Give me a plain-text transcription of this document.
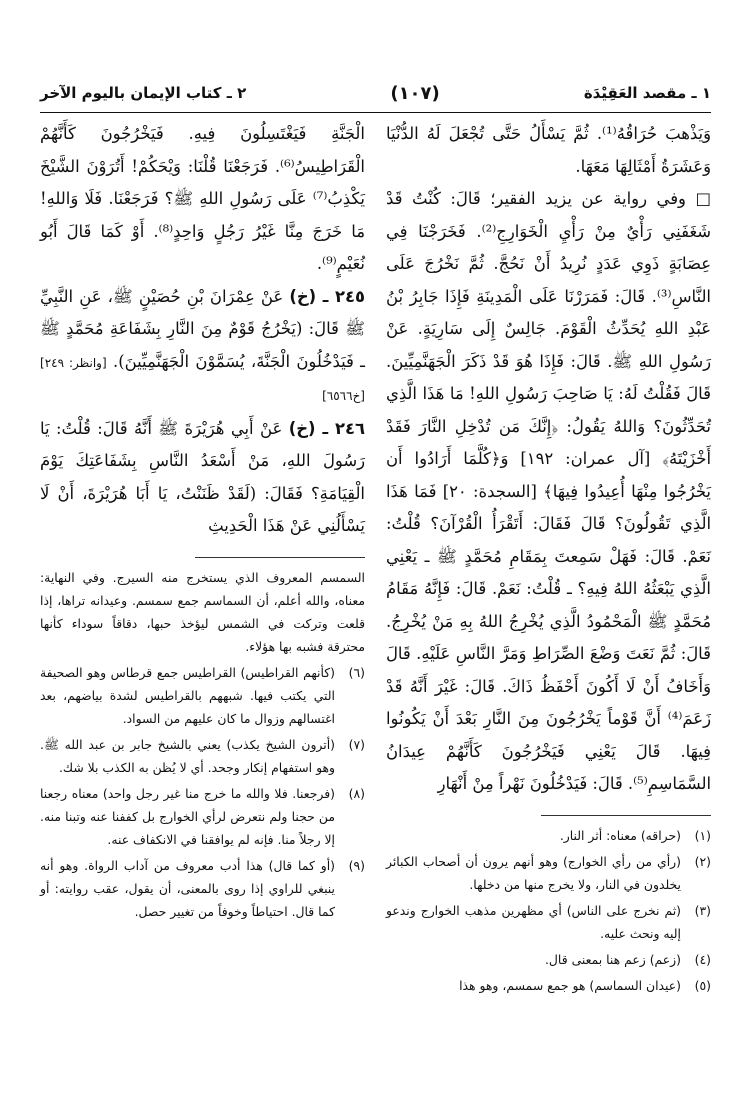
١ ـ مقصد العَقِيْدَة
(١٠٧)
٢ ـ كتاب الإيمان باليوم الآخر

وَيَذْهبَ حُرَاقُهُ⁽¹⁾. ثُمَّ يَسْأَلُ حَتَّى تُجْعَلَ لَهُ الدُّنْيَا وَعَشَرَةُ أَمْثَالِهَا مَعَهَا.

□ وفي رواية عن يزيد الفقير؛ قَالَ: كُنْتُ قَدْ شَغَفَنِي رَأْيٌ مِنْ رَأْيِ الْخَوَارِجِ⁽²⁾. فَخَرَجْنَا فِي عِصَابَةٍ ذَوِي عَدَدٍ نُرِيدُ أَنْ نَحُجَّ. ثُمَّ نَخْرُجَ عَلَى النَّاسِ⁽³⁾. قَالَ: فَمَرَرْنَا عَلَى الْمَدِينَةِ فَإِذَا جَابِرُ بْنُ عَبْدِ اللهِ يُحَدِّثُ الْقَوْمَ. جَالِسٌ إِلَى سَارِيَةٍ. عَنْ رَسُولِ اللهِ ﷺ. قَالَ: فَإِذَا هُوَ قَدْ ذَكَرَ الْجَهَنَّمِيِّينَ. قَالَ فَقُلْتُ لَهُ: يَا صَاحِبَ رَسُولِ اللهِ! مَا هَذَا الَّذِي تُحَدِّثُونَ؟ وَاللهُ يَقُولُ: ﴿إِنَّكَ مَن تُدْخِلِ النَّارَ فَقَدْ أَخْزَيْتَهُ﴾ [آل عمران: ١٩٢] وَ﴿كُلَّمَا أَرَادُوا أَن يَخْرُجُوا مِنْهَا أُعِيدُوا فِيهَا﴾ [السجدة: ٢٠] فَمَا هَذَا الَّذِي تَقُولُونَ؟ قَالَ فَقَالَ: أَتَقْرَأُ الْقُرْآنَ؟ قُلْتُ: نَعَمْ. قَالَ: فَهَلْ سَمِعتَ بِمَقَامِ مُحَمَّدٍ ﷺ ـ يَعْنِي الَّذِي يَبْعَثُهُ اللهُ فِيهِ؟ ـ قُلْتُ: نَعَمْ. قَالَ: فَإِنَّهُ مَقَامُ مُحَمَّدٍ ﷺ الْمَحْمُودُ الَّذِي يُخْرِجُ اللهُ بِهِ مَنْ يُخْرِجُ. قَالَ: ثُمَّ نَعَتَ وَضْعَ الصِّرَاطِ وَمَرَّ النَّاسِ عَلَيْهِ. قَالَ وَأَخَافُ أَنْ لَا أَكُونَ أَحْفَظُ ذَاكَ. قَالَ: غَيْرَ أَنَّهُ قَدْ زَعَمَ⁽⁴⁾ أَنَّ قَوْماً يَخْرُجُونَ مِنَ النَّارِ بَعْدَ أَنْ يَكُونُوا فِيهَا. قَالَ يَعْنِي فَيَخْرُجُونَ كَأَنَّهُمْ عِيدَانُ السَّمَاسِمِ⁽⁵⁾. قَالَ: فَيَدْخُلُونَ نَهْراً مِنْ أَنْهَارِ

(١)
(حراقه) معناه: أثر النار.

(٢)
(رأي من رأي الخوارج) وهو أنهم يرون أن أصحاب الكبائر يخلدون في النار، ولا يخرج منها من دخلها.

(٣)
(ثم نخرج على الناس) أي مظهرين مذهب الخوارج وندعو إليه ونحث عليه.

(٤)
(زعم) زعم هنا بمعنى قال.

(٥)
(عيدان السماسم) هو جمع سمسم، وهو هذا

الْجَنَّةِ فَيَغْتَسِلُونَ فِيهِ. فَيَخْرُجُونَ كَأَنَّهُمْ الْقَرَاطِيسُ⁽⁶⁾. فَرَجَعْنَا قُلْنَا: وَيْحَكُمْ! أَتُرَوْنَ الشَّيْخَ يَكْذِبُ⁽⁷⁾ عَلَى رَسُولِ اللهِ ﷺ؟ فَرَجَعْنَا. فَلَا وَاللهِ! مَا خَرَجَ مِنَّا غَيْرُ رَجُلٍ وَاحِدٍ⁽⁸⁾. أَوْ كَمَا قَالَ أَبُو نُعَيْمٍ⁽⁹⁾.

٢٤٥ ـ (خ) عَنْ عِمْرَانَ بْنِ حُصَيْنٍ ﷺ، عَنِ النَّبِيِّ ﷺ قَالَ: (يَخْرُجُ قَوْمٌ مِنَ النَّارِ بِشَفَاعَةِ مُحَمَّدٍ ﷺ ـ فَيَدْخُلُونَ الْجَنَّةَ، يُسَمَّوْنَ الْجَهَنَّمِيِّينَ). [وانظر: ٢٤٩] [خ٦٥٦٦]

٢٤٦ ـ (خ) عَنْ أَبِي هُرَيْرَةَ ﷺ أَنَّهُ قَالَ: قُلْتُ: يَا رَسُولَ اللهِ، مَنْ أَسْعَدُ النَّاسِ بِشَفَاعَتِكَ يَوْمَ الْقِيَامَةِ؟ فَقَالَ: (لَقَدْ ظَنَنْتُ، يَا أَبَا هُرَيْرَةَ، أَنْ لَا يَسْأَلُنِي عَنْ هَذَا الْحَدِيثِ

السمسم المعروف الذي يستخرج منه السيرج. وفي النهاية: معناه، والله أعلم، أن السماسم جمع سمسم. وعيدانه تراها، إذا قلعت وتركت في الشمس ليؤخذ حبها، دقاقاً سوداء كأنها محترقة فشبه بها هؤلاء.

(٦)
(كأنهم القراطيس) القراطيس جمع قرطاس وهو الصحيفة التي يكتب فيها. شبههم بالقراطيس لشدة بياضهم، بعد اغتسالهم وزوال ما كان عليهم من السواد.

(٧)
(أترون الشيخ يكذب) يعني بالشيخ جابر بن عبد الله ﷺ. وهو استفهام إنكار وجحد. أي لا يُظن به الكذب بلا شك.

(٨)
(فرجعنا. فلا والله ما خرج منا غير رجل واحد) معناه رجعنا من حجنا ولم نتعرض لرأي الخوارج بل كففنا عنه وتبنا منه. إلا رجلاً منا. فإنه لم يوافقنا في الانكفاف عنه.

(٩)
(أو كما قال) هذا أدب معروف من آداب الرواة. وهو أنه ينبغي للراوي إذا روى بالمعنى، أن يقول، عقب روايته: أو كما قال. احتياطاً وخوفاً من تغيير حصل.
